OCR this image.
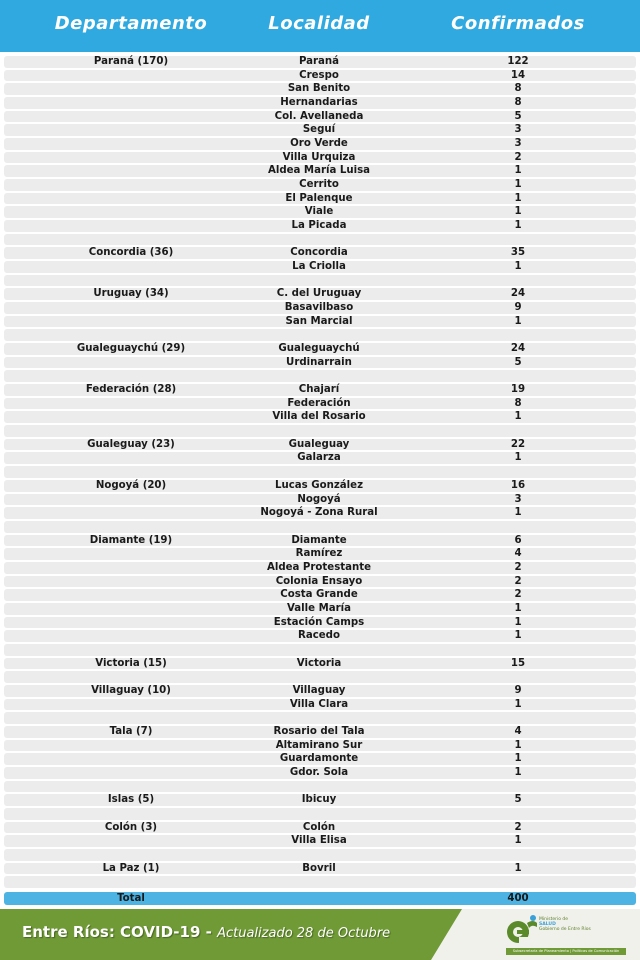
Departamento	Localidad	Confirmados
Paraná (170)	Paraná	122
Crespo	14
San Benito	8
Hernandarias	8
Col. Avellaneda	5
Seguí	3
Oro Verde	3
Villa Urquiza	2
Aldea María Luisa	1
Cerrito	1
El Palenque	1
Viale	1
La Picada	1
Concordia (36)	Concordia	35
La Criolla	1
Uruguay (34)	C. del Uruguay	24
Basavilbaso	9
San Marcial	1
Gualeguaychú (29)	Gualeguaychú	24
Urdinarrain	5
Federación (28)	Chajarí	19
Federación	8
Villa del Rosario	1
Gualeguay (23)	Gualeguay	22
Galarza	1
Nogoyá (20)	Lucas González	16
Nogoyá	3
Nogoyá - Zona Rural	1
Diamante (19)	Diamante	6
Ramírez	4
Aldea Protestante	2
Colonia Ensayo	2
Costa Grande	2
Valle María	1
Estación Camps	1
Racedo	1
Victoria (15)	Victoria	15
Villaguay (10)	Villaguay	9
Villa Clara	1
Tala (7)	Rosario del Tala	4
Altamirano Sur	1
Guardamonte	1
Gdor. Sola	1
Islas (5)	Ibicuy	5
Colón (3)	Colón	2
Villa Elisa	1
La Paz (1)	Bovril	1
Total	400
Entre Ríos: COVID-19 - Actualizado 28 de Octubre
Ministerio de
SALUD
Gobierno de Entre Ríos
Subsecretaría de Planeamiento | Políticas de Comunicación
